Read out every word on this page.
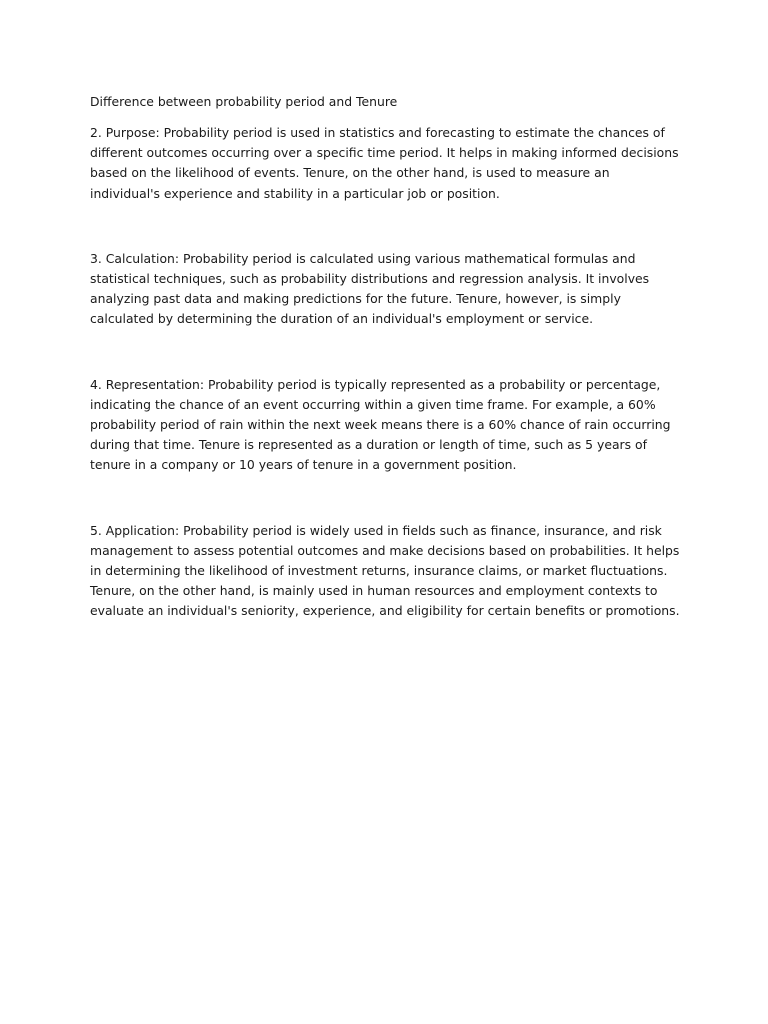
Difference between probability period and Tenure

2. Purpose: Probability period is used in statistics and forecasting to estimate the chances of different outcomes occurring over a specific time period. It helps in making informed decisions based on the likelihood of events. Tenure, on the other hand, is used to measure an individual's experience and stability in a particular job or position.

3. Calculation: Probability period is calculated using various mathematical formulas and statistical techniques, such as probability distributions and regression analysis. It involves analyzing past data and making predictions for the future. Tenure, however, is simply calculated by determining the duration of an individual's employment or service.

4. Representation: Probability period is typically represented as a probability or percentage, indicating the chance of an event occurring within a given time frame. For example, a 60% probability period of rain within the next week means there is a 60% chance of rain occurring during that time. Tenure is represented as a duration or length of time, such as 5 years of tenure in a company or 10 years of tenure in a government position.

5. Application: Probability period is widely used in fields such as finance, insurance, and risk management to assess potential outcomes and make decisions based on probabilities. It helps in determining the likelihood of investment returns, insurance claims, or market fluctuations. Tenure, on the other hand, is mainly used in human resources and employment contexts to evaluate an individual's seniority, experience, and eligibility for certain benefits or promotions.
